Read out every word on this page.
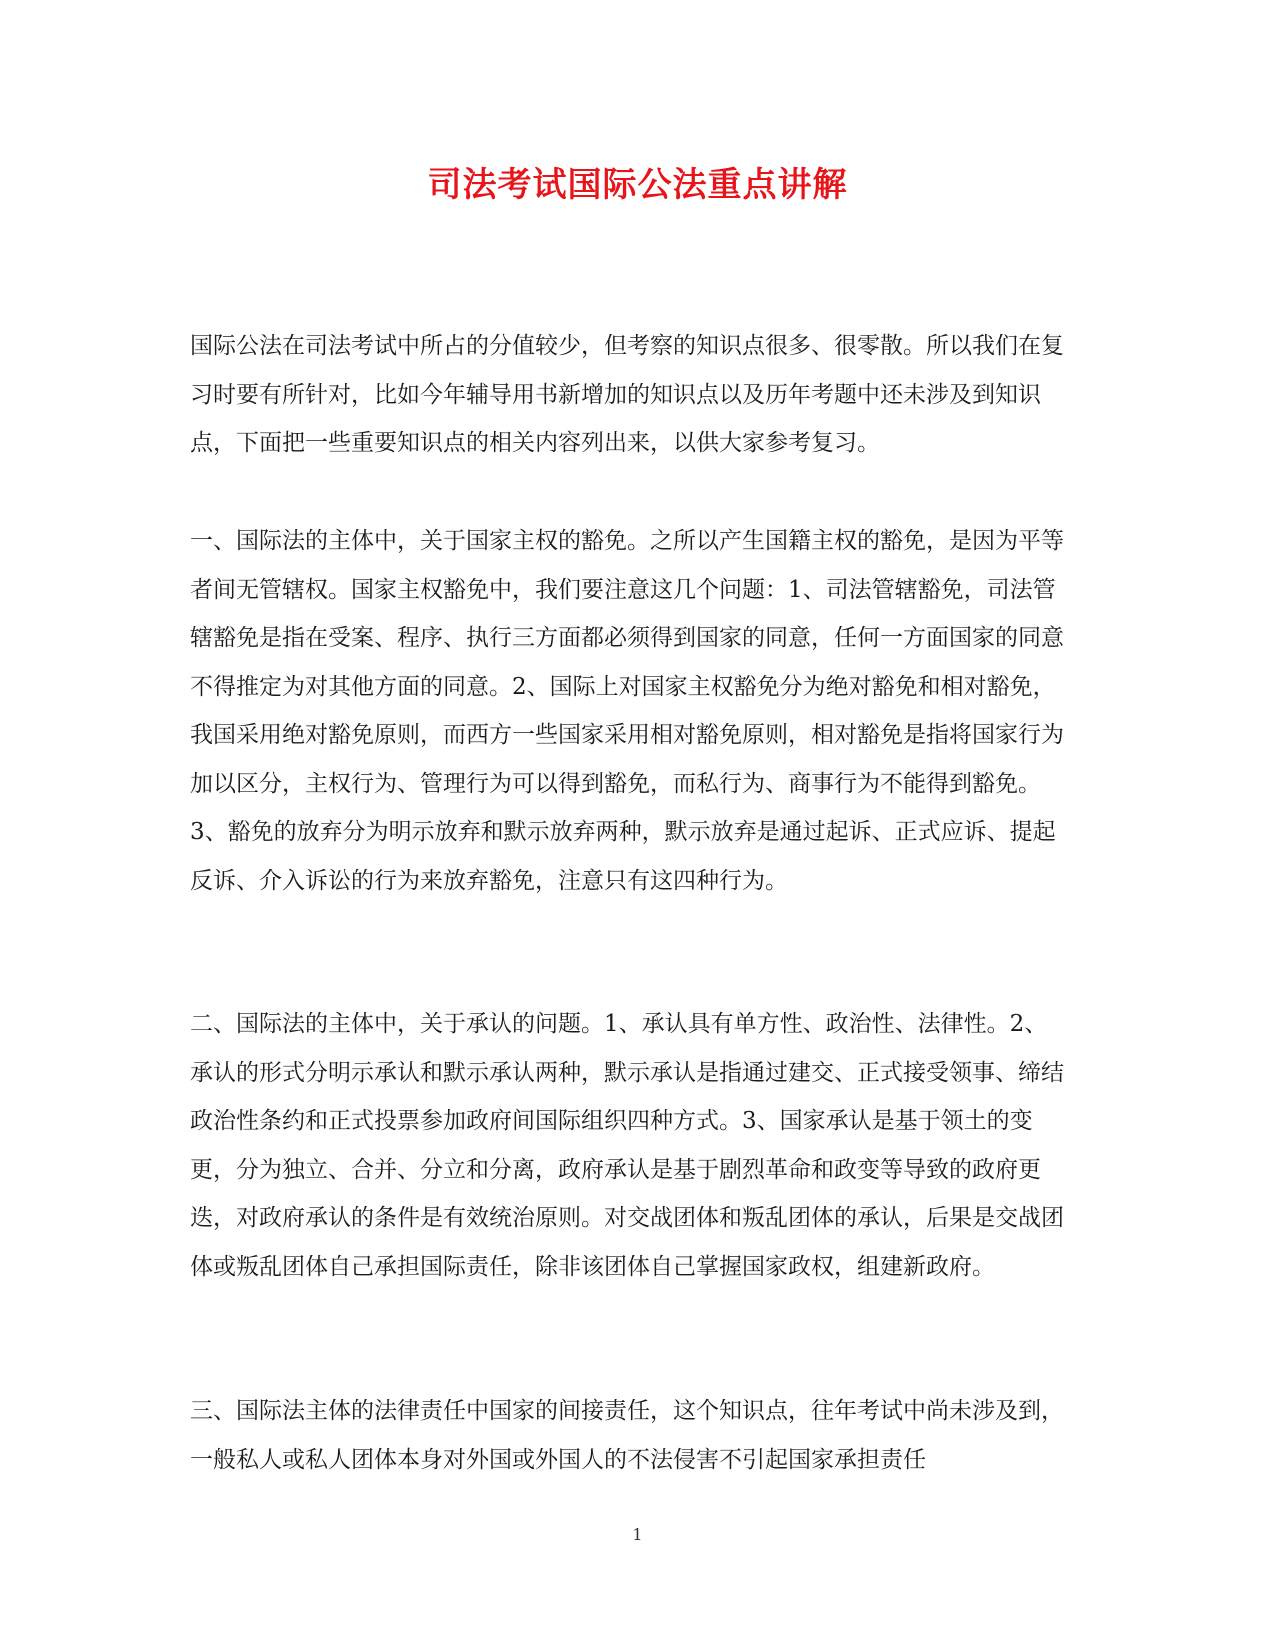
司法考试国际公法重点讲解

国际公法在司法考试中所占的分值较少，但考察的知识点很多、很零散。所以我们在复习时要有所针对，比如今年辅导用书新增加的知识点以及历年考题中还未涉及到知识点，下面把一些重要知识点的相关内容列出来，以供大家参考复习。

一、国际法的主体中，关于国家主权的豁免。之所以产生国籍主权的豁免，是因为平等者间无管辖权。国家主权豁免中，我们要注意这几个问题：1、司法管辖豁免，司法管辖豁免是指在受案、程序、执行三方面都必须得到国家的同意，任何一方面国家的同意不得推定为对其他方面的同意。2、国际上对国家主权豁免分为绝对豁免和相对豁免，我国采用绝对豁免原则，而西方一些国家采用相对豁免原则，相对豁免是指将国家行为加以区分，主权行为、管理行为可以得到豁免，而私行为、商事行为不能得到豁免。3、豁免的放弃分为明示放弃和默示放弃两种，默示放弃是通过起诉、正式应诉、提起反诉、介入诉讼的行为来放弃豁免，注意只有这四种行为。

二、国际法的主体中，关于承认的问题。1、承认具有单方性、政治性、法律性。2、承认的形式分明示承认和默示承认两种，默示承认是指通过建交、正式接受领事、缔结政治性条约和正式投票参加政府间国际组织四种方式。3、国家承认是基于领土的变更，分为独立、合并、分立和分离，政府承认是基于剧烈革命和政变等导致的政府更迭，对政府承认的条件是有效统治原则。对交战团体和叛乱团体的承认，后果是交战团体或叛乱团体自己承担国际责任，除非该团体自己掌握国家政权，组建新政府。

三、国际法主体的法律责任中国家的间接责任，这个知识点，往年考试中尚未涉及到，一般私人或私人团体本身对外国或外国人的不法侵害不引起国家承担责任

1
